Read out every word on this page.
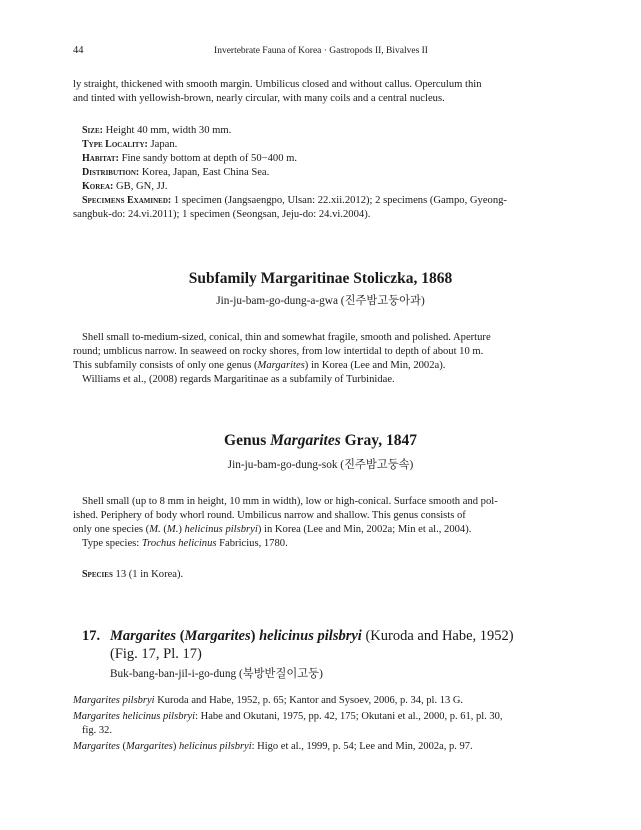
44	Invertebrate Fauna of Korea · Gastropods II, Bivalves II

ly straight, thickened with smooth margin. Umbilicus closed and without callus. Operculum thin

and tinted with yellowish-brown, nearly circular, with many coils and a central nucleus.

Size: Height 40 mm, width 30 mm.

Type Locality: Japan.

Habitat: Fine sandy bottom at depth of 50−400 m.

Distribution: Korea, Japan, East China Sea.

Korea: GB, GN, JJ.

Specimens Examined: 1 specimen (Jangsaengpo, Ulsan: 22.xii.2012); 2 specimens (Gampo, Gyeong-

sangbuk-do: 24.vi.2011); 1 specimen (Seongsan, Jeju-do: 24.vi.2004).

Subfamily Margaritinae Stoliczka, 1868

Jin-ju-bam-go-dung-a-gwa (진주밤고둥아과)

Shell small to-medium-sized, conical, thin and somewhat fragile, smooth and polished. Aperture

round; umblicus narrow. In seaweed on rocky shores, from low intertidal to depth of about 10 m.

This subfamily consists of only one genus (Margarites) in Korea (Lee and Min, 2002a).

Williams et al., (2008) regards Margaritinae as a subfamily of Turbinidae.

Genus Margarites Gray, 1847

Jin-ju-bam-go-dung-sok (진주밤고둥속)

Shell small (up to 8 mm in height, 10 mm in width), low or high-conical. Surface smooth and pol-

ished. Periphery of body whorl round. Umbilicus narrow and shallow. This genus consists of

only one species (M. (M.) helicinus pilsbryi) in Korea (Lee and Min, 2002a; Min et al., 2004).

Type species: Trochus helicinus Fabricius, 1780.

Species 13 (1 in Korea).

17. Margarites (Margarites) helicinus pilsbryi (Kuroda and Habe, 1952)

(Fig. 17, Pl. 17)

Buk-bang-ban-jil-i-go-dung (북방반질이고둥)

Margarites pilsbryi Kuroda and Habe, 1952, p. 65; Kantor and Sysoev, 2006, p. 34, pl. 13 G.

Margarites helicinus pilsbryi: Habe and Okutani, 1975, pp. 42, 175; Okutani et al., 2000, p. 61, pl. 30,

fig. 32.

Margarites (Margarites) helicinus pilsbryi: Higo et al., 1999, p. 54; Lee and Min, 2002a, p. 97.
